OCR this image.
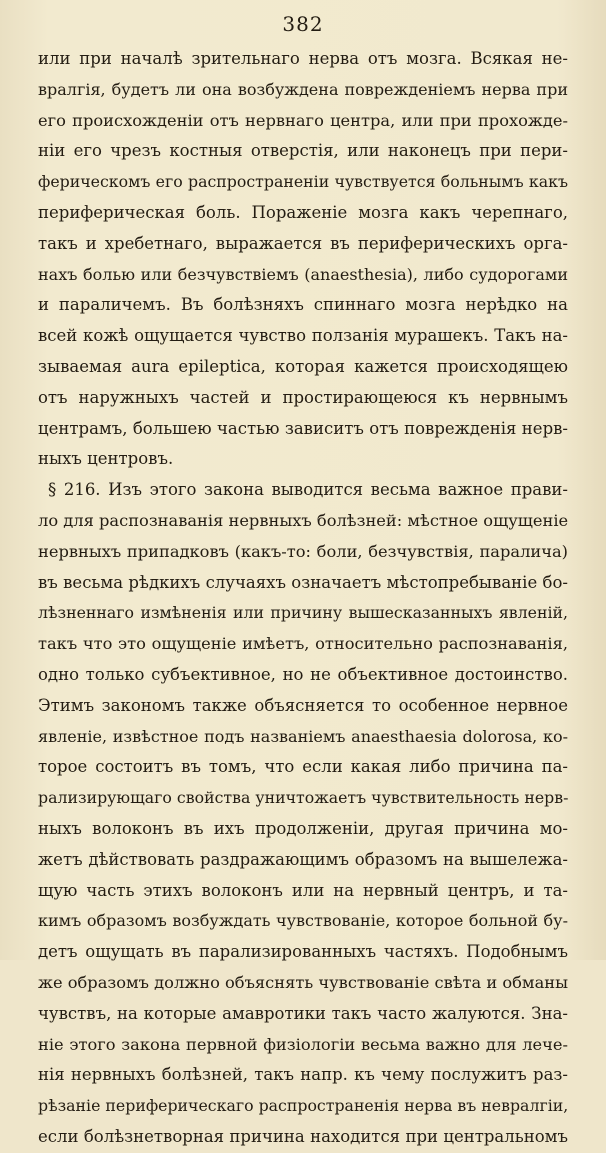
382
или при началѣ зрительнаго нерва отъ мозга. Всякая не-
вралгія, будетъ ли она возбуждена поврежденіемъ нерва при
его происхожденіи отъ нервнаго центра, или при прохожде-
ніи его чрезъ костныя отверстія, или наконецъ при пери-
ферическомъ его распространеніи чувствуется больнымъ какъ
периферическая боль. Пораженіе мозга какъ черепнаго,
такъ и хребетнаго, выражается въ периферическихъ орга-
нахъ болью или безчувствіемъ (anaesthesia), либо судорогами
и параличемъ. Въ болѣзняхъ спиннаго мозга нерѣдко на
всей кожѣ ощущается чувство ползанія мурашекъ. Такъ на-
зываемая aura epileptica, которая кажется происходящею
отъ наружныхъ частей и простирающеюся къ нервнымъ
центрамъ, большею частью зависитъ отъ поврежденія нерв-
ныхъ центровъ.
§ 216. Изъ этого закона выводится весьма важное прави-
ло для распознаванія нервныхъ болѣзней: мѣстное ощущеніе
нервныхъ припадковъ (какъ-то: боли, безчувствія, паралича)
въ весьма рѣдкихъ случаяхъ означаетъ мѣстопребываніе бо-
лѣзненнаго измѣненія или причину вышесказанныхъ явленій,
такъ что это ощущеніе имѣетъ, относительно распознаванія,
одно только субъективное, но не объективное достоинство.
Этимъ закономъ также объясняется то особенное нервное
явленіе, извѣстное подъ названіемъ anaesthaesia dolorosa, ко-
торое состоитъ въ томъ, что если какая либо причина па-
рализирующаго свойства уничтожаетъ чувствительность нерв-
ныхъ волоконъ въ ихъ продолженіи, другая причина мо-
жетъ дѣйствовать раздражающимъ образомъ на вышележа-
щую часть этихъ волоконъ или на нервный центръ, и та-
кимъ образомъ возбуждать чувствованіе, которое больной бу-
детъ ощущать въ парализированныхъ частяхъ. Подобнымъ
же образомъ должно объяснять чувствованіе свѣта и обманы
чувствъ, на которые амавротики такъ часто жалуются. Зна-
ніе этого закона первной физіологіи весьма важно для лече-
нія нервныхъ болѣзней, такъ напр. къ чему послужитъ раз-
рѣзаніе периферическаго распространенія нерва въ невралгіи,
если болѣзнетворная причина находится при центральномъ
